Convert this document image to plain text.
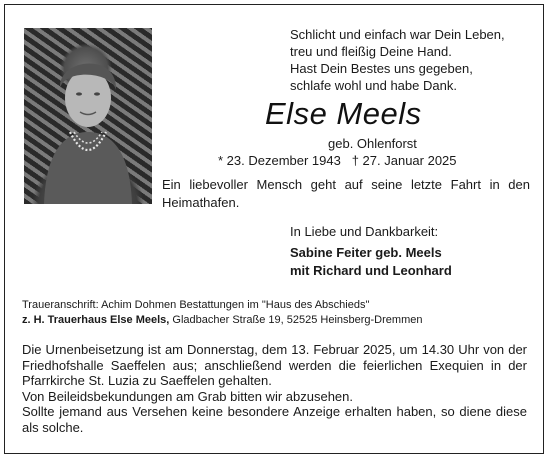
Schlicht und einfach war Dein Leben,
treu und fleißig Deine Hand.
Hast Dein Bestes uns gegeben,
schlafe wohl und habe Dank.
Else Meels
geb. Ohlenforst
* 23. Dezember 1943 † 27. Januar 2025
Ein liebevoller Mensch geht auf seine letzte Fahrt in den Heimathafen.
In Liebe und Dankbarkeit:
Sabine Feiter geb. Meels
mit Richard und Leonhard
Traueranschrift: Achim Dohmen Bestattungen im "Haus des Abschieds"
z. H. Trauerhaus Else Meels, Gladbacher Straße 19, 52525 Heinsberg-Dremmen

Die Urnenbeisetzung ist am Donnerstag, dem 13. Februar 2025, um 14.30 Uhr von der Friedhofshalle Saeffelen aus; anschließend werden die feierlichen Exequien in der Pfarrkirche St. Luzia zu Saeffelen gehalten.

Von Beileidsbekundungen am Grab bitten wir abzusehen.

Sollte jemand aus Versehen keine besondere Anzeige erhalten haben, so diene diese als solche.
